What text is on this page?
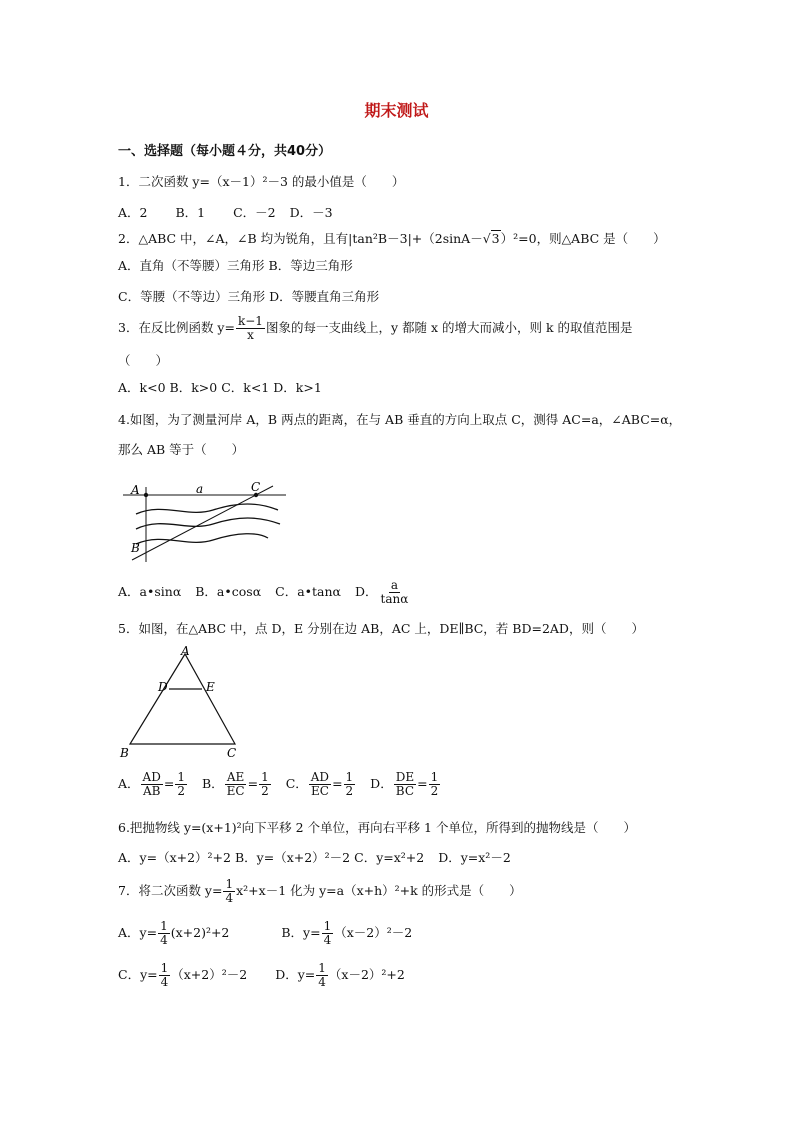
期末测试
一、选择题（每小题４分，共40分）
1．二次函数 y=（x－1）²－3 的最小值是（　　）
A．2 B．1 C．－2 D．－3
2．△ABC 中，∠A，∠B 均为锐角，且有|tan²B－3|+（2sinA－√3）²=0，则△ABC 是（　　）
A．直角（不等腰）三角形 B．等边三角形
C．等腰（不等边）三角形 D．等腰直角三角形
3．在反比例函数 $y= \frac{k-1}{x}$ 图象的每一支曲线上，y 都随 x 的增大而减小，则 k 的取值范围是
（　　）
A．k<0 B．k>0 C．k<1 D．k>1
4.如图，为了测量河岸 A，B 两点的距离，在与 AB 垂直的方向上取点 C，测得 AC=a，∠ABC=α，
那么 AB 等于（　　）
A	a	C
B
A．a•sinα B．a•cosα C．a•tanα D． $\frac{a}{\tan\alpha}$
5．如图，在△ABC 中，点 D，E 分别在边 AB，AC 上，DE∥BC，若 BD=2AD，则（　　）
A
D	E
B	C
A． $\frac{AD}{AB} = \frac{1}{2}$ B． $\frac{AE}{EC} = \frac{1}{2}$ C． $\frac{AD}{EC} = \frac{1}{2}$ D． $\frac{DE}{BC} = \frac{1}{2}$
6.把抛物线 y=(x+1)²向下平移 2 个单位，再向右平移 1 个单位，所得到的抛物线是（　　）
A．y=（x+2）²+2 B．y=（x+2）²－2 C．y=x²+2 D．y=x²－2
7．将二次函数 $y= \frac{1}{4} x^2+x-1$ 化为 y=a（x+h）²+k 的形式是（　　）
A．$y= \frac{1}{4} (x+2)^2+2$	B．$y= \frac{1}{4} (x-2)^2-2$
C．$y= \frac{1}{4} (x+2)^2-2$ D．$y= \frac{1}{4} (x-2)^2+2$
